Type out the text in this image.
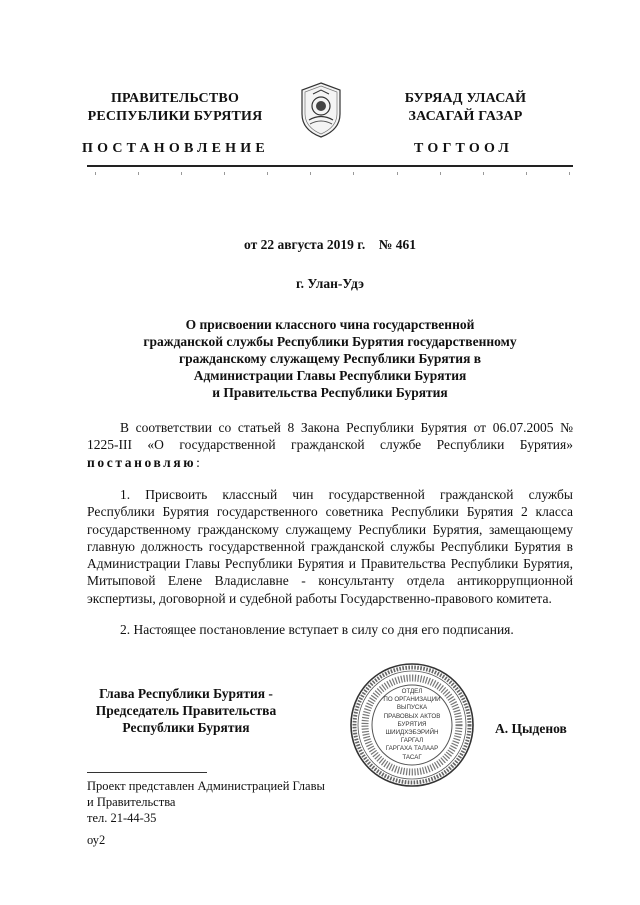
ПРАВИТЕЛЬСТВО
РЕСПУБЛИКИ БУРЯТИЯ
БУРЯАД УЛАСАЙ
ЗАСАГАЙ ГАЗАР
ПОСТАНОВЛЕНИЕ	ТОГТООЛ
от 22 августа 2019 г.    № 461
г. Улан-Удэ
О присвоении классного чина государственной
гражданской службы Республики Бурятия государственному
гражданскому служащему Республики Бурятия в
Администрации Главы Республики Бурятия
и Правительства Республики Бурятия
В соответствии со статьей 8 Закона Республики Бурятия от 06.07.2005 № 1225-III «О государственной гражданской службе Республики Бурятия» постановляю:
1. Присвоить классный чин государственной гражданской службы Республики Бурятия государственного советника Республики Бурятия 2 класса государственному гражданскому служащему Республики Бурятия, замещающему главную должность государственной гражданской службы Республики Бурятия в Администрации Главы Республики Бурятия и Правительства Республики Бурятия, Митыповой Елене Владиславне - консультанту отдела антикоррупционной экспертизы, договорной и судебной работы Государственно-правового комитета.
2. Настоящее постановление вступает в силу со дня его подписания.
Глава Республики Бурятия -
Председатель Правительства
Республики Бурятия
ОТДЕЛ
ПО ОРГАНИЗАЦИИ
ВЫПУСКА
ПРАВОВЫХ АКТОВ
БУРЯТИЯ
ШИИДХЭБЭРИЙН ГАРГАЛ
ГАРГАХА ТАЛААР
ТАСАГ
А. Цыденов
Проект представлен Администрацией Главы
и Правительства
тел. 21-44-35
оу2
